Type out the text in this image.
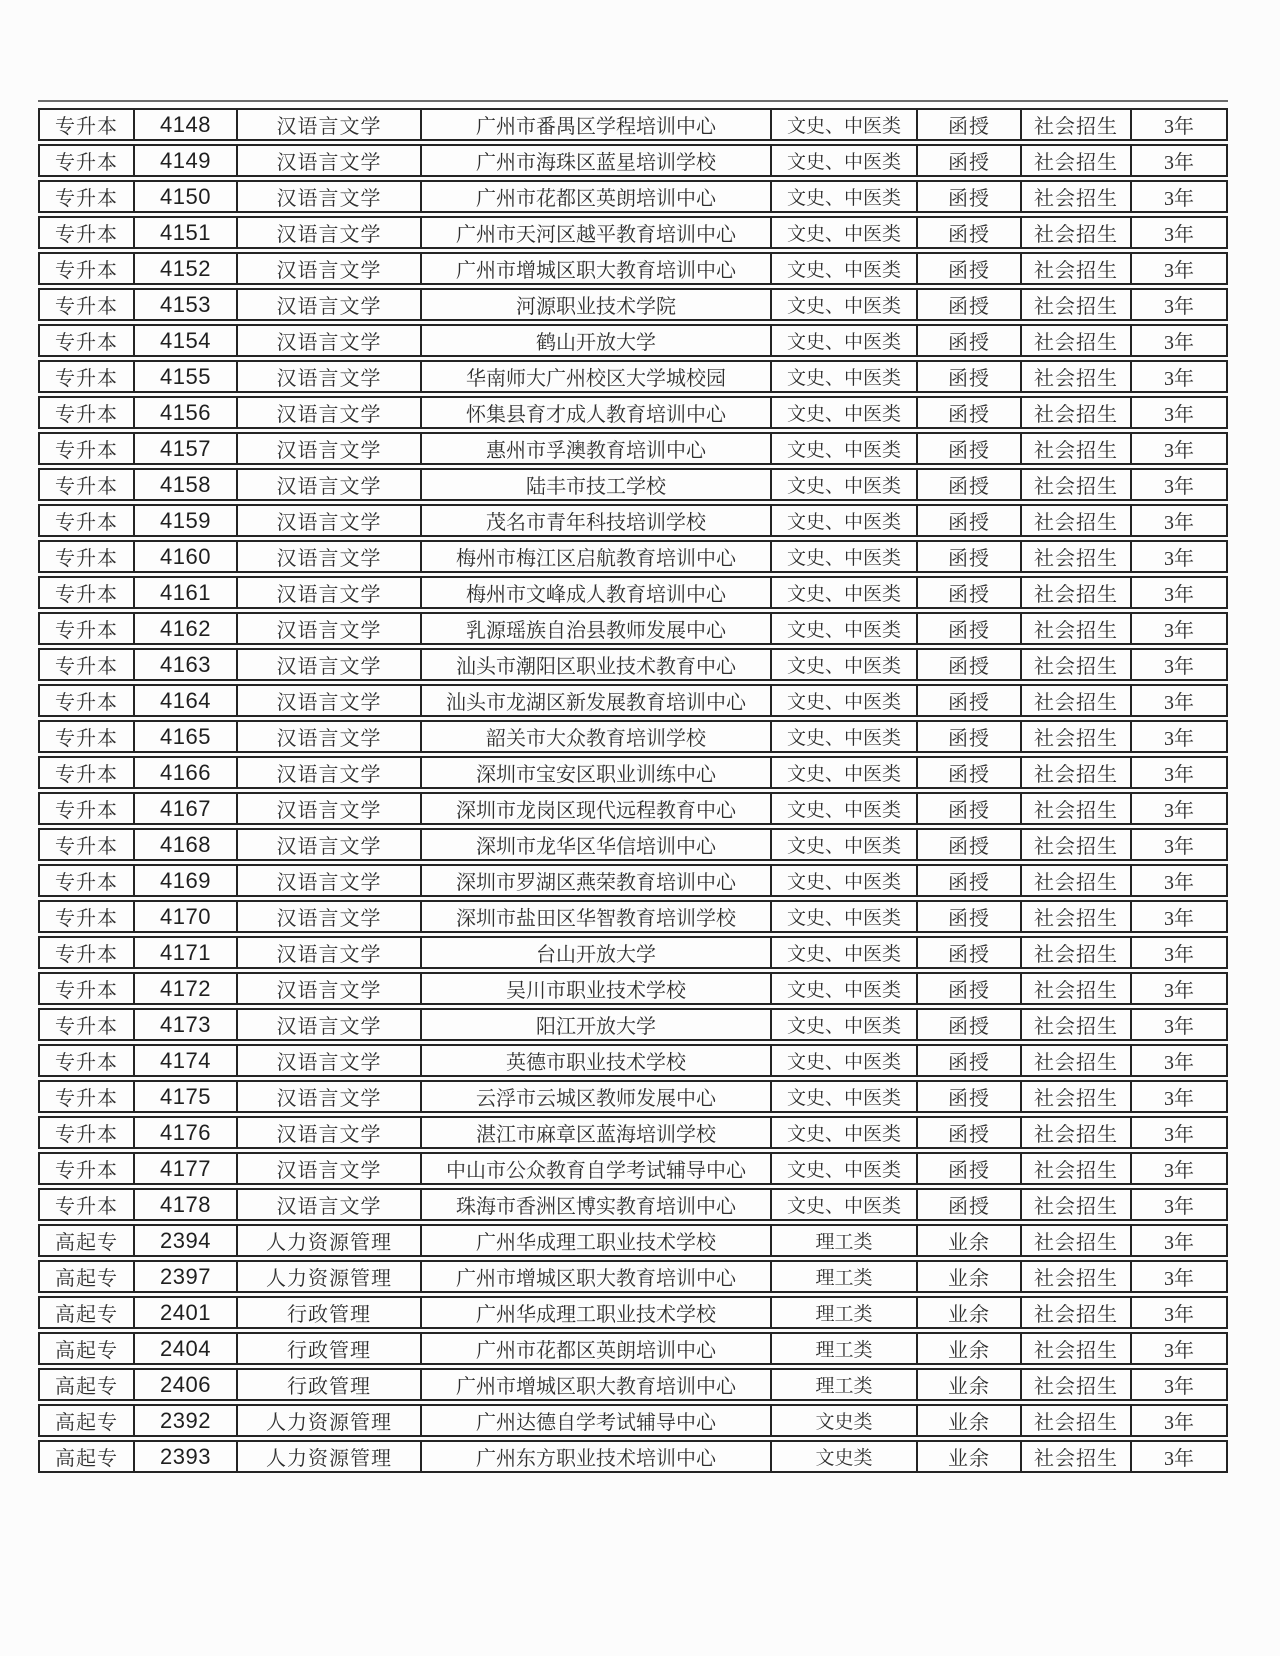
专升本	4148	汉语言文学	广州市番禺区学程培训中心	文史、中医类	函授	社会招生	3年
专升本	4149	汉语言文学	广州市海珠区蓝星培训学校	文史、中医类	函授	社会招生	3年
专升本	4150	汉语言文学	广州市花都区英朗培训中心	文史、中医类	函授	社会招生	3年
专升本	4151	汉语言文学	广州市天河区越平教育培训中心	文史、中医类	函授	社会招生	3年
专升本	4152	汉语言文学	广州市增城区职大教育培训中心	文史、中医类	函授	社会招生	3年
专升本	4153	汉语言文学	河源职业技术学院	文史、中医类	函授	社会招生	3年
专升本	4154	汉语言文学	鹤山开放大学	文史、中医类	函授	社会招生	3年
专升本	4155	汉语言文学	华南师大广州校区大学城校园	文史、中医类	函授	社会招生	3年
专升本	4156	汉语言文学	怀集县育才成人教育培训中心	文史、中医类	函授	社会招生	3年
专升本	4157	汉语言文学	惠州市孚澳教育培训中心	文史、中医类	函授	社会招生	3年
专升本	4158	汉语言文学	陆丰市技工学校	文史、中医类	函授	社会招生	3年
专升本	4159	汉语言文学	茂名市青年科技培训学校	文史、中医类	函授	社会招生	3年
专升本	4160	汉语言文学	梅州市梅江区启航教育培训中心	文史、中医类	函授	社会招生	3年
专升本	4161	汉语言文学	梅州市文峰成人教育培训中心	文史、中医类	函授	社会招生	3年
专升本	4162	汉语言文学	乳源瑶族自治县教师发展中心	文史、中医类	函授	社会招生	3年
专升本	4163	汉语言文学	汕头市潮阳区职业技术教育中心	文史、中医类	函授	社会招生	3年
专升本	4164	汉语言文学	汕头市龙湖区新发展教育培训中心	文史、中医类	函授	社会招生	3年
专升本	4165	汉语言文学	韶关市大众教育培训学校	文史、中医类	函授	社会招生	3年
专升本	4166	汉语言文学	深圳市宝安区职业训练中心	文史、中医类	函授	社会招生	3年
专升本	4167	汉语言文学	深圳市龙岗区现代远程教育中心	文史、中医类	函授	社会招生	3年
专升本	4168	汉语言文学	深圳市龙华区华信培训中心	文史、中医类	函授	社会招生	3年
专升本	4169	汉语言文学	深圳市罗湖区燕荣教育培训中心	文史、中医类	函授	社会招生	3年
专升本	4170	汉语言文学	深圳市盐田区华智教育培训学校	文史、中医类	函授	社会招生	3年
专升本	4171	汉语言文学	台山开放大学	文史、中医类	函授	社会招生	3年
专升本	4172	汉语言文学	吴川市职业技术学校	文史、中医类	函授	社会招生	3年
专升本	4173	汉语言文学	阳江开放大学	文史、中医类	函授	社会招生	3年
专升本	4174	汉语言文学	英德市职业技术学校	文史、中医类	函授	社会招生	3年
专升本	4175	汉语言文学	云浮市云城区教师发展中心	文史、中医类	函授	社会招生	3年
专升本	4176	汉语言文学	湛江市麻章区蓝海培训学校	文史、中医类	函授	社会招生	3年
专升本	4177	汉语言文学	中山市公众教育自学考试辅导中心	文史、中医类	函授	社会招生	3年
专升本	4178	汉语言文学	珠海市香洲区博实教育培训中心	文史、中医类	函授	社会招生	3年
高起专	2394	人力资源管理	广州华成理工职业技术学校	理工类	业余	社会招生	3年
高起专	2397	人力资源管理	广州市增城区职大教育培训中心	理工类	业余	社会招生	3年
高起专	2401	行政管理	广州华成理工职业技术学校	理工类	业余	社会招生	3年
高起专	2404	行政管理	广州市花都区英朗培训中心	理工类	业余	社会招生	3年
高起专	2406	行政管理	广州市增城区职大教育培训中心	理工类	业余	社会招生	3年
高起专	2392	人力资源管理	广州达德自学考试辅导中心	文史类	业余	社会招生	3年
高起专	2393	人力资源管理	广州东方职业技术培训中心	文史类	业余	社会招生	3年
